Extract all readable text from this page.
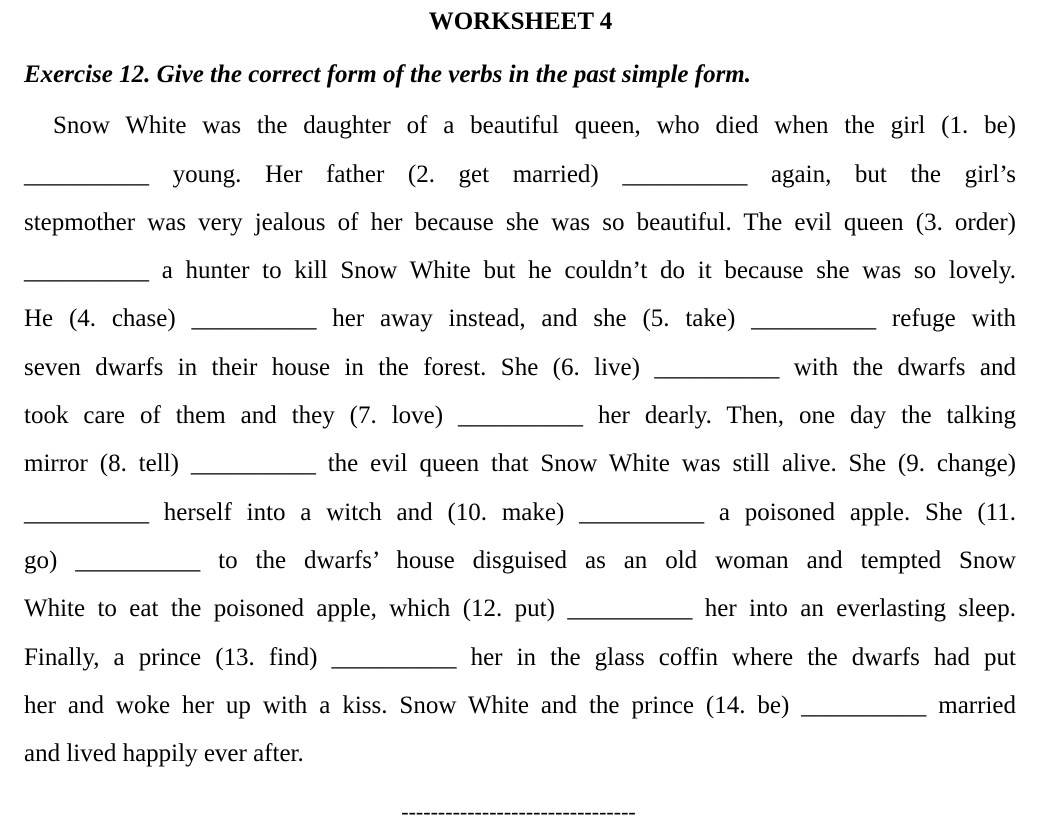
WORKSHEET 4
Exercise 12. Give the correct form of the verbs in the past simple form.
Snow White was the daughter of a beautiful queen, who died when the girl (1. be)
__________ young. Her father (2. get married) __________ again, but the girl’s
stepmother was very jealous of her because she was so beautiful. The evil queen (3. order)
__________ a hunter to kill Snow White but he couldn’t do it because she was so lovely.
He (4. chase) __________ her away instead, and she (5. take) __________ refuge with
seven dwarfs in their house in the forest. She (6. live) __________ with the dwarfs and
took care of them and they (7. love) __________ her dearly. Then, one day the talking
mirror (8. tell) __________ the evil queen that Snow White was still alive. She (9. change)
__________ herself into a witch and (10. make) __________ a poisoned apple. She (11.
go) __________ to the dwarfs’ house disguised as an old woman and tempted Snow
White to eat the poisoned apple, which (12. put) __________ her into an everlasting sleep.
Finally, a prince (13. find) __________ her in the glass coffin where the dwarfs had put
her and woke her up with a kiss. Snow White and the prince (14. be) __________ married
and lived happily ever after.
--------------------------------
